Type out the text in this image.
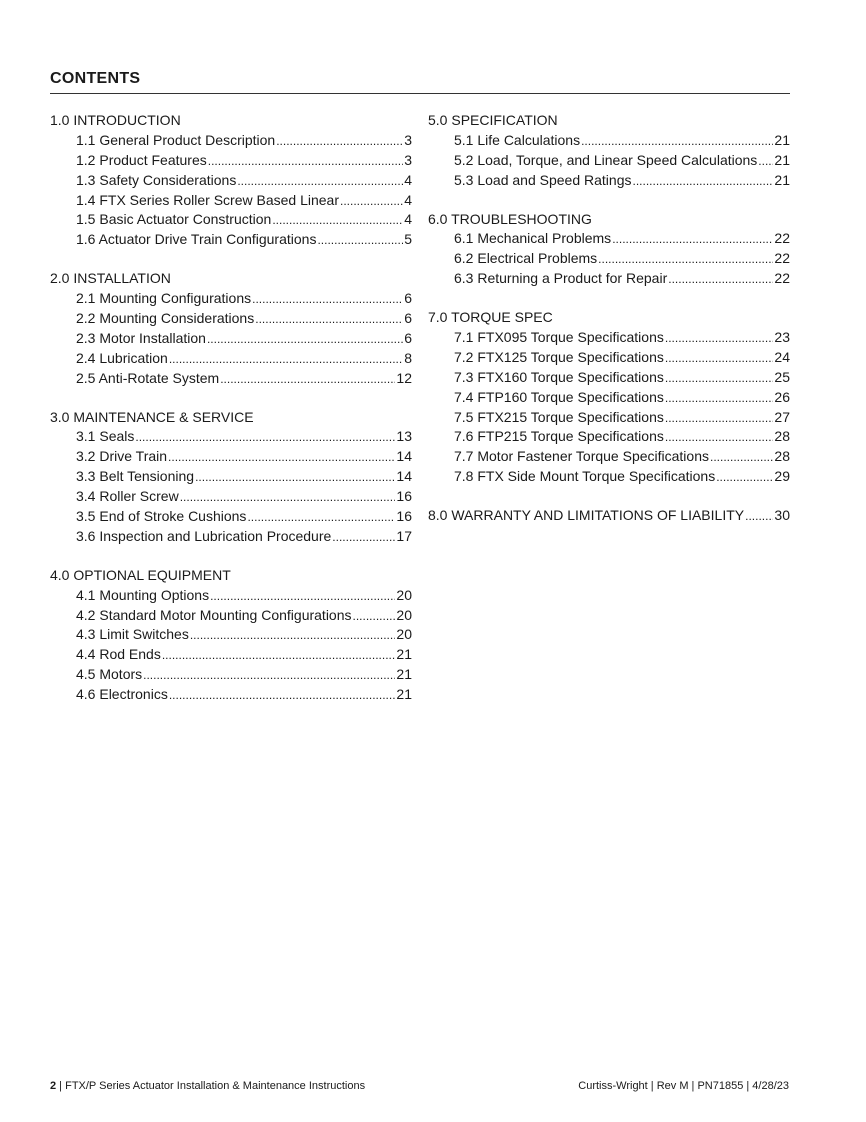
CONTENTS
1.0 INTRODUCTION
1.1 General Product Description .....	3
1.2 Product Features .....	3
1.3 Safety Considerations .....	4
1.4 FTX Series Roller Screw Based Linear .....	4
1.5 Basic Actuator Construction .....	4
1.6 Actuator Drive Train Configurations .....	5
2.0 INSTALLATION
2.1 Mounting Configurations .....	6
2.2 Mounting Considerations .....	6
2.3 Motor Installation .....	6
2.4 Lubrication .....	8
2.5 Anti-Rotate System .....	12
3.0 MAINTENANCE & SERVICE
3.1 Seals .....	13
3.2 Drive Train .....	14
3.3 Belt Tensioning .....	14
3.4 Roller Screw .....	16
3.5 End of Stroke Cushions .....	16
3.6 Inspection and Lubrication Procedure .....	17
4.0 OPTIONAL EQUIPMENT
4.1 Mounting Options .....	20
4.2 Standard Motor Mounting Configurations .....	20
4.3 Limit Switches .....	20
4.4 Rod Ends .....	21
4.5 Motors .....	21
4.6 Electronics .....	21
5.0 SPECIFICATION
5.1 Life Calculations .....	21
5.2 Load, Torque, and Linear Speed Calculations ..... 21
5.3 Load and Speed Ratings .....	21
6.0 TROUBLESHOOTING
6.1 Mechanical Problems .....	22
6.2 Electrical Problems .....	22
6.3 Returning a Product for Repair .....	22
7.0 TORQUE SPEC
7.1 FTX095 Torque Specifications .....	23
7.2 FTX125 Torque Specifications .....	24
7.3 FTX160 Torque Specifications .....	25
7.4 FTP160 Torque Specifications .....	26
7.5 FTX215 Torque Specifications .....	27
7.6 FTP215 Torque Specifications .....	28
7.7 Motor Fastener Torque Specifications .....	28
7.8 FTX Side Mount Torque Specifications .....	29
8.0 WARRANTY AND LIMITATIONS OF LIABILITY ..... 30
2 | FTX/P Series Actuator Installation & Maintenance Instructions	Curtiss-Wright | Rev M | PN71855 | 4/28/23
